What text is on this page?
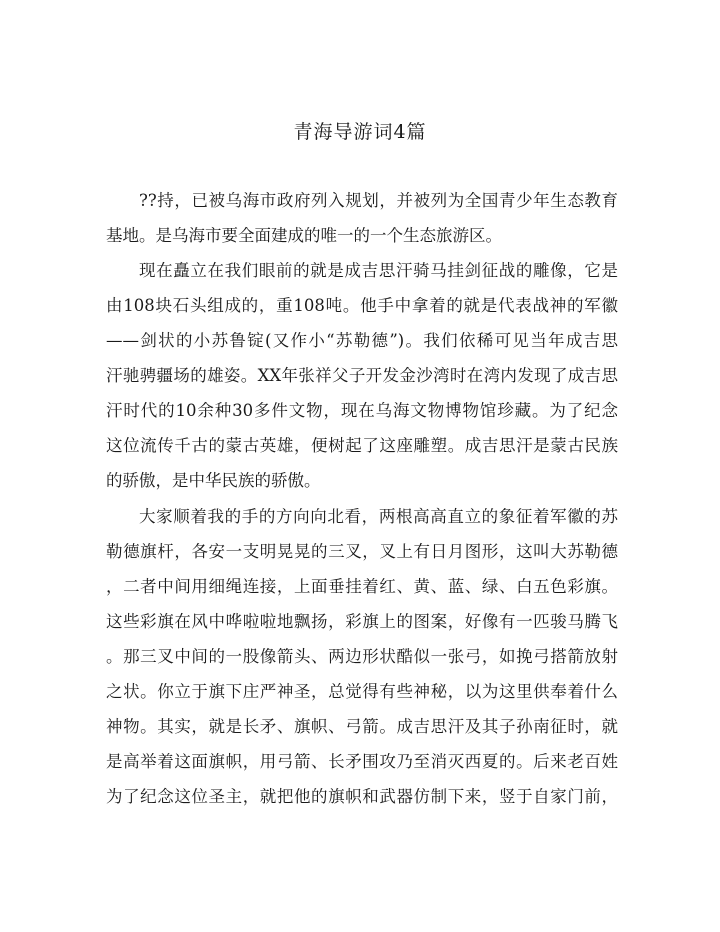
青海导游词4篇
??持，已被乌海市政府列入规划，并被列为全国青少年生态教育
基地。是乌海市要全面建成的唯一的一个生态旅游区。
现在矗立在我们眼前的就是成吉思汗骑马挂剑征战的雕像，它是
由108块石头组成的，重108吨。他手中拿着的就是代表战神的军徽
——剑状的小苏鲁锭(又作小“苏勒德”)。我们依稀可见当年成吉思
汗驰骋疆场的雄姿。XX年张祥父子开发金沙湾时在湾内发现了成吉思
汗时代的10余种30多件文物，现在乌海文物博物馆珍藏。为了纪念
这位流传千古的蒙古英雄，便树起了这座雕塑。成吉思汗是蒙古民族
的骄傲，是中华民族的骄傲。
大家顺着我的手的方向向北看，两根高高直立的象征着军徽的苏
勒德旗杆，各安一支明晃晃的三叉，叉上有日月图形，这叫大苏勒德
，二者中间用细绳连接，上面垂挂着红、黄、蓝、绿、白五色彩旗。
这些彩旗在风中哗啦啦地飘扬，彩旗上的图案，好像有一匹骏马腾飞
。那三叉中间的一股像箭头、两边形状酷似一张弓，如挽弓搭箭放射
之状。你立于旗下庄严神圣，总觉得有些神秘，以为这里供奉着什么
神物。其实，就是长矛、旗帜、弓箭。成吉思汗及其子孙南征时，就
是高举着这面旗帜，用弓箭、长矛围攻乃至消灭西夏的。后来老百姓
为了纪念这位圣主，就把他的旗帜和武器仿制下来，竖于自家门前，
